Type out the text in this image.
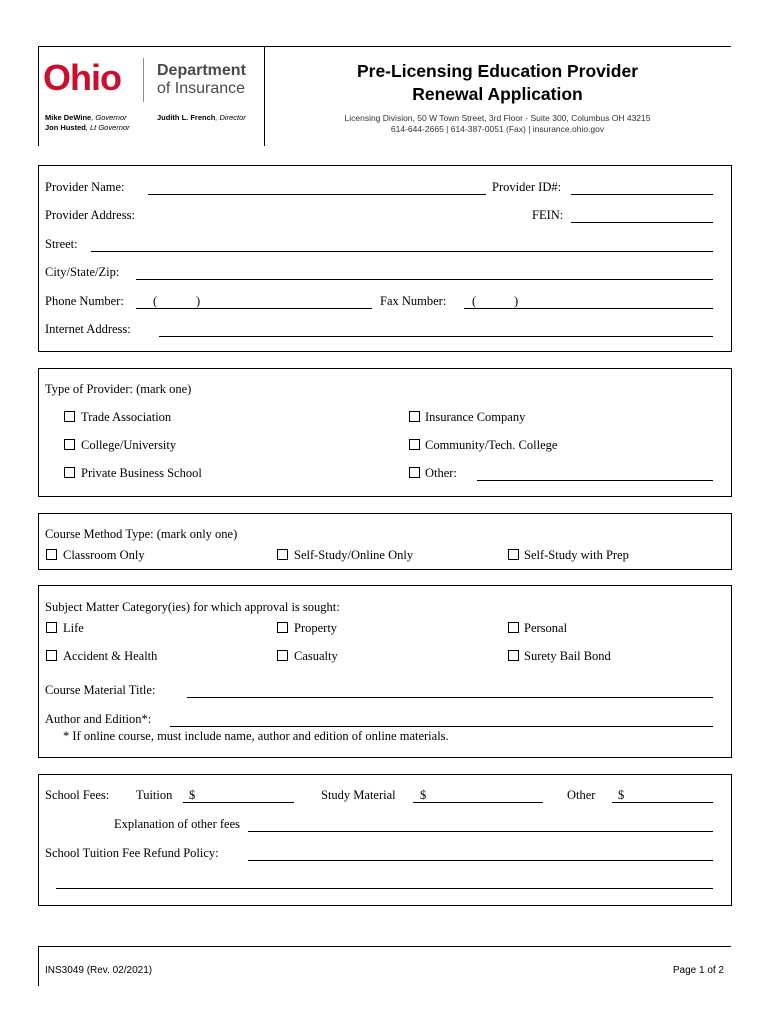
Ohio Department
of Insurance
Mike DeWine, Governor
Jon Husted, Lt Governor
Judith L. French, Director
Pre-Licensing Education Provider
Renewal Application
Licensing Division, 50 W Town Street, 3rd Floor - Suite 300, Columbus OH 43215
614-644-2665 | 614-387-0051 (Fax) | insurance.ohio.gov
Provider Name:	Provider ID#:
Provider Address:	FEIN:
Street:
City/State/Zip:
Phone Number: (	)	Fax Number: (	)
Internet Address:
Type of Provider: (mark one)
Trade Association	Insurance Company
College/University	Community/Tech. College
Private Business School	Other:
Course Method Type: (mark only one)
Classroom Only	Self-Study/Online Only	Self-Study with Prep
Subject Matter Category(ies) for which approval is sought:
Life	Property	Personal
Accident & Health	Casualty	Surety Bail Bond
Course Material Title:
Author and Edition*:
* If online course, must include name, author and edition of online materials.
School Fees: Tuition $	Study Material $	Other $
Explanation of other fees
School Tuition Fee Refund Policy:
INS3049 (Rev. 02/2021)	Page 1 of 2
